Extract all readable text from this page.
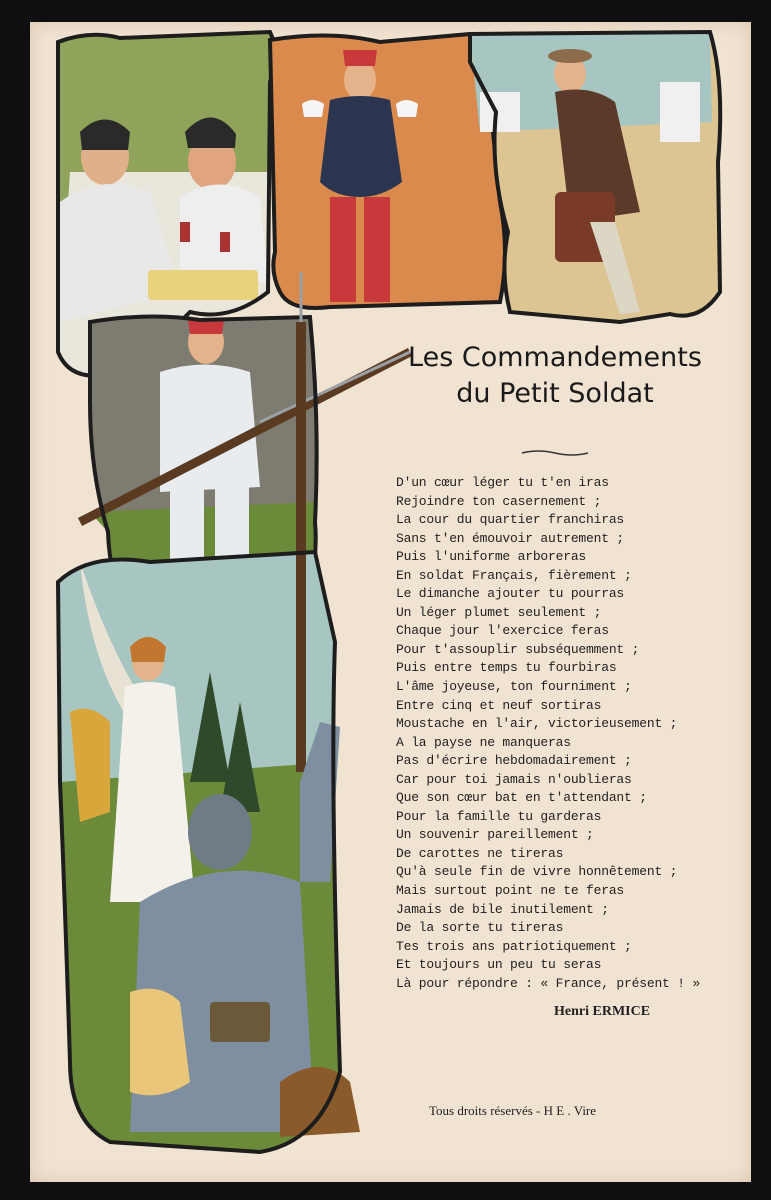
Les Commandements
du Petit Soldat
D'un cœur léger tu t'en iras
Rejoindre ton casernement ;
La cour du quartier franchiras
Sans t'en émouvoir autrement ;
Puis l'uniforme arboreras
En soldat Français, fièrement ;
Le dimanche ajouter tu pourras
Un léger plumet seulement ;
Chaque jour l'exercice feras
Pour t'assouplir subséquemment ;
Puis entre temps tu fourbiras
L'âme joyeuse, ton fourniment ;
Entre cinq et neuf sortiras
Moustache en l'air, victorieusement ;
A la payse ne manqueras
Pas d'écrire hebdomadairement ;
Car pour toi jamais n'oublieras
Que son cœur bat en t'attendant ;
Pour la famille tu garderas
Un souvenir pareillement ;
De carottes ne tireras
Qu'à seule fin de vivre honnêtement ;
Mais surtout point ne te feras
Jamais de bile inutilement ;
De la sorte tu tireras
Tes trois ans patriotiquement ;
Et toujours un peu tu seras
Là pour répondre : « France, présent ! »
Henri ERMICE
Tous droits réservés - H E . Vire
